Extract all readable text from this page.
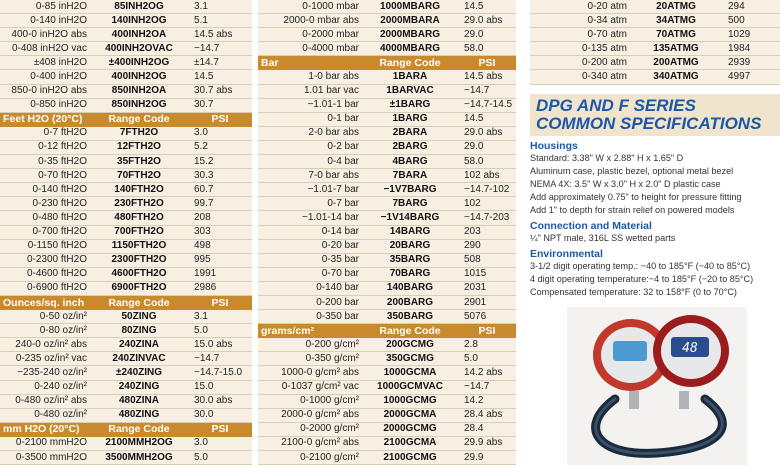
0-85 inH2O	85INH2OG	3.1
0-140 inH2O	140INH2OG	5.1
400-0 inH2O abs	400INH2OA	14.5 abs
0-408 inH2O vac	400INH2OVAC	−14.7
±408 inH2O	±400INH2OG	±14.7
0-400 inH2O	400INH2OG	14.5
850-0 inH2O abs	850INH2OA	30.7 abs
0-850 inH2O	850INH2OG	30.7
Feet H2O (20°C)	Range Code	PSI
0-7 ftH2O	7FTH2O	3.0
0-12 ftH2O	12FTH2O	5.2
0-35 ftH2O	35FTH2O	15.2
0-70 ftH2O	70FTH2O	30.3
0-140 ftH2O	140FTH2O	60.7
0-230 ftH2O	230FTH2O	99.7
0-480 ftH2O	480FTH2O	208
0-700 ftH2O	700FTH2O	303
0-1150 ftH2O	1150FTH2O	498
0-2300 ftH2O	2300FTH2O	995
0-4600 ftH2O	4600FTH2O	1991
0-6900 ftH2O	6900FTH2O	2986
Ounces/sq. inch	Range Code	PSI
0-50 oz/in²	50ZING	3.1
0-80 oz/in²	80ZING	5.0
240-0 oz/in² abs	240ZINA	15.0 abs
0-235 oz/in² vac	240ZINVAC	−14.7
−235-240 oz/in²	±240ZING	−14.7-15.0
0-240 oz/in²	240ZING	15.0
0-480 oz/in² abs	480ZINA	30.0 abs
0-480 oz/in²	480ZING	30.0
mm H2O (20°C)	Range Code	PSI
0-2100 mmH2O	2100MMH2OG	3.0
0-3500 mmH2O	3500MMH2OG	5.0
0-1000 mbar	1000MBARG	14.5
2000-0 mbar abs	2000MBARA	29.0 abs
0-2000 mbar	2000MBARG	29.0
0-4000 mbar	4000MBARG	58.0
Bar	Range Code	PSI
1-0 bar abs	1BARA	14.5 abs
1.01 bar vac	1BARVAC	−14.7
−1.01-1 bar	±1BARG	−14.7-14.5
0-1 bar	1BARG	14.5
2-0 bar abs	2BARA	29.0 abs
0-2 bar	2BARG	29.0
0-4 bar	4BARG	58.0
7-0 bar abs	7BARA	102 abs
−1.01-7 bar	−1V7BARG	−14.7-102
0-7 bar	7BARG	102
−1.01-14 bar	−1V14BARG	−14.7-203
0-14 bar	14BARG	203
0-20 bar	20BARG	290
0-35 bar	35BARG	508
0-70 bar	70BARG	1015
0-140 bar	140BARG	2031
0-200 bar	200BARG	2901
0-350 bar	350BARG	5076
grams/cm²	Range Code	PSI
0-200 g/cm²	200GCMG	2.8
0-350 g/cm²	350GCMG	5.0
1000-0 g/cm² abs	1000GCMA	14.2 abs
0-1037 g/cm² vac	1000GCMVAC	−14.7
0-1000 g/cm²	1000GCMG	14.2
2000-0 g/cm² abs	2000GCMA	28.4 abs
0-2000 g/cm²	2000GCMG	28.4
2100-0 g/cm² abs	2100GCMA	29.9 abs
0-2100 g/cm²	2100GCMG	29.9
0-20 atm	20ATMG	294
0-34 atm	34ATMG	500
0-70 atm	70ATMG	1029
0-135 atm	135ATMG	1984
0-200 atm	200ATMG	2939
0-340 atm	340ATMG	4997
DPG AND F SERIES
COMMON SPECIFICATIONS
Housings

Standard: 3.38" W x 2.88" H x 1.65" D

Aluminum case, plastic bezel, optional metal bezel

NEMA 4X: 3.5" W x 3.0" H x 2.0" D plastic case

Add approximately 0.75" to height for pressure fitting

Add 1" to depth for strain relief on powered models

Connection and Material

¼" NPT male, 316L SS wetted parts

Environmental

3-1/2 digit operating temp.: −40 to 185°F (−40 to 85°C)

4 digit operating temperature:−4 to 185°F (−20 to 85°C)

Compensated temperature: 32 to 158°F (0 to 70°C)

48
